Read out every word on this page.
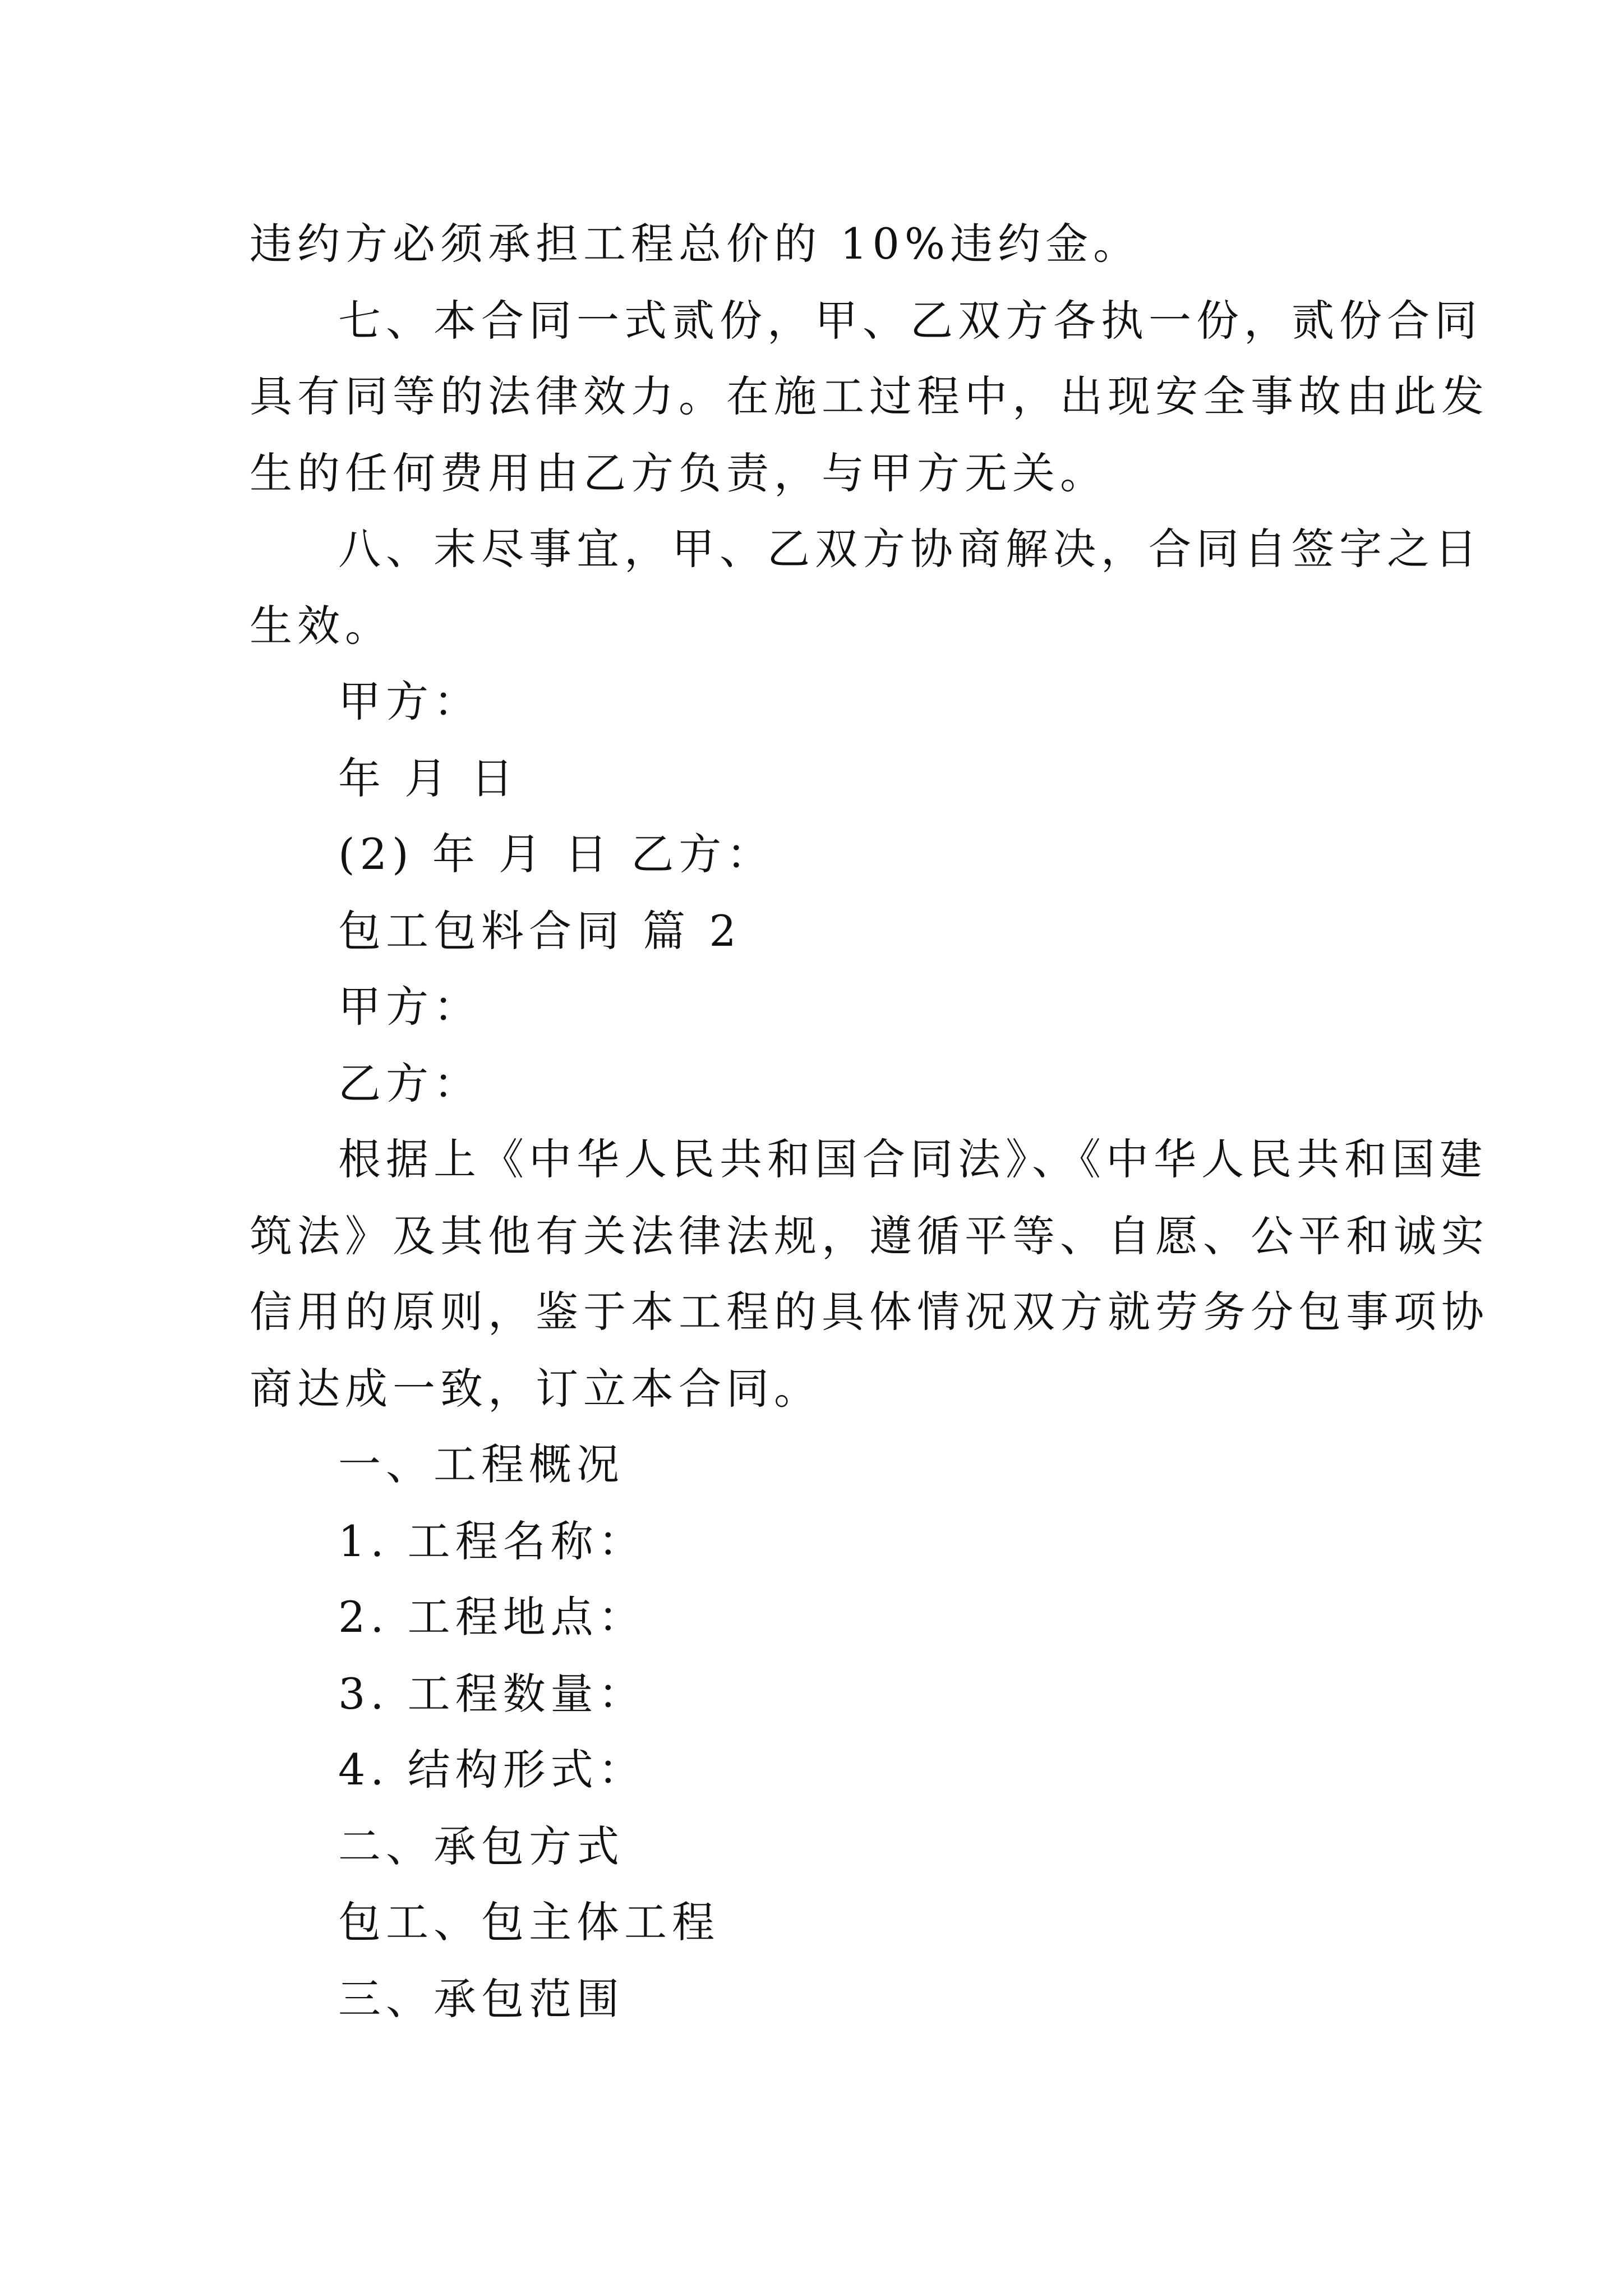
违约方必须承担工程总价的 10%违约金。
七、本合同一式贰份，甲、乙双方各执一份，贰份合同
具有同等的法律效力。在施工过程中，出现安全事故由此发
生的任何费用由乙方负责，与甲方无关。
八、末尽事宜，甲、乙双方协商解决，合同自签字之日
生效。
甲方：
年 月 日
(2) 年 月 日 乙方：
包工包料合同 篇 2
甲方：
乙方：
根据上《中华人民共和国合同法》、《中华人民共和国建
筑法》及其他有关法律法规，遵循平等、自愿、公平和诚实
信用的原则，鉴于本工程的具体情况双方就劳务分包事项协
商达成一致，订立本合同。
一、工程概况
1. 工程名称：
2. 工程地点：
3. 工程数量：
4. 结构形式：
二、承包方式
包工、包主体工程
三、承包范围
